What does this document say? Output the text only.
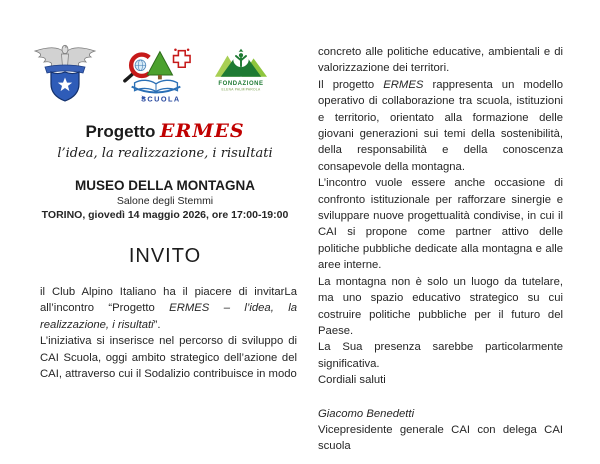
SCUOLA
FONDAZIONE
ELENA PALMIPAROLA
Progetto ERMES
l’idea, la realizzazione, i risultati
MUSEO DELLA MONTAGNA
Salone degli Stemmi
TORINO, giovedì 14 maggio 2026, ore 17:00-19:00
INVITO

il Club Alpino Italiano ha il piacere di invitarLa all’incontro “Progetto ERMES – l’idea, la realizzazione, i risultati”.

L’iniziativa si inserisce nel percorso di sviluppo di CAI Scuola, oggi ambito strategico dell’azione del CAI, attraverso cui il Sodalizio contribuisce in modo

concreto alle politiche educative, ambientali e di valorizzazione dei territori.

Il progetto ERMES rappresenta un modello operativo di collaborazione tra scuola, istituzioni e territorio, orientato alla formazione delle giovani generazioni sui temi della sostenibilità, della responsabilità e della conoscenza consapevole della montagna.

L’incontro vuole essere anche occasione di confronto istituzionale per rafforzare sinergie e sviluppare nuove progettualità condivise, in cui il CAI si propone come partner attivo delle politiche pubbliche dedicate alla montagna e alle aree interne.

La montagna non è solo un luogo da tutelare, ma uno spazio educativo strategico su cui costruire politiche pubbliche per il futuro del Paese.

La Sua presenza sarebbe particolarmente significativa.

Cordiali saluti

Giacomo Benedetti

Vicepresidente generale CAI con delega CAI scuola
